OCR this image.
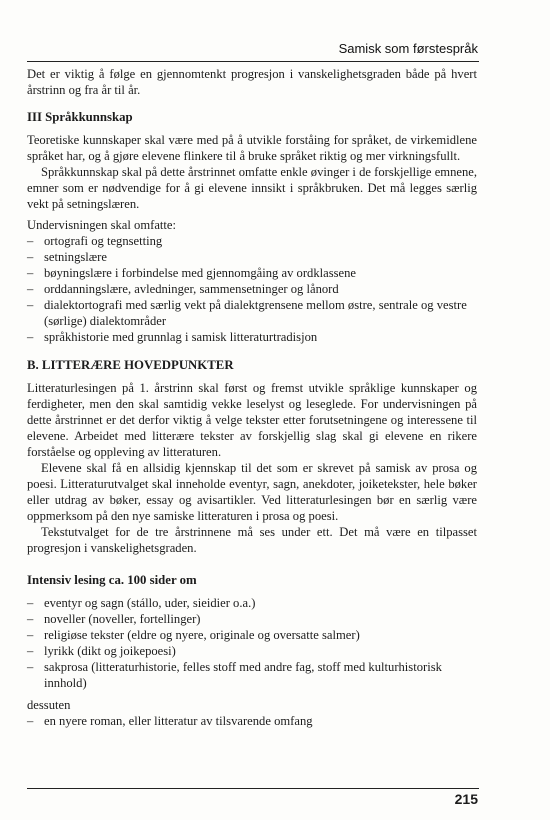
Samisk som førstespråk

Det er viktig å følge en gjennomtenkt progresjon i vanskelighetsgraden både på hvert årstrinn og fra år til år.

III Språkkunnskap

Teoretiske kunnskaper skal være med på å utvikle forståing for språket, de virkemidlene språket har, og å gjøre elevene flinkere til å bruke språket riktig og mer virkningsfullt.

Språkkunnskap skal på dette årstrinnet omfatte enkle øvinger i de forskjellige emnene, emner som er nødvendige for å gi elevene innsikt i språkbruken. Det må legges særlig vekt på setningslæren.

Undervisningen skal omfatte:

– ortografi og tegnsetting
– setningslære
– bøyningslære i forbindelse med gjennomgåing av ordklassene
– orddanningslære, avledninger, sammensetninger og lånord
– dialektortografi med særlig vekt på dialektgrensene mellom østre, sentrale og vestre (sørlige) dialektområder
– språkhistorie med grunnlag i samisk litteraturtradisjon
B. LITTERÆRE HOVEDPUNKTER

Litteraturlesingen på 1. årstrinn skal først og fremst utvikle språklige kunnskaper og ferdigheter, men den skal samtidig vekke leselyst og leseglede. For undervisningen på dette årstrinnet er det derfor viktig å velge tekster etter forutsetningene og interessene til elevene. Arbeidet med litterære tekster av forskjellig slag skal gi elevene en rikere forståelse og oppleving av litteraturen.

Elevene skal få en allsidig kjennskap til det som er skrevet på samisk av prosa og poesi. Litteraturutvalget skal inneholde eventyr, sagn, anekdoter, joiketekster, hele bøker eller utdrag av bøker, essay og avisartikler. Ved litteraturlesingen bør en særlig være oppmerksom på den nye samiske litteraturen i prosa og poesi.

Tekstutvalget for de tre årstrinnene må ses under ett. Det må være en tilpasset progresjon i vanskelighetsgraden.

Intensiv lesing ca. 100 sider om
– eventyr og sagn (stállo, uder, sieidier o.a.)
– noveller (noveller, fortellinger)
– religiøse tekster (eldre og nyere, originale og oversatte salmer)
– lyrikk (dikt og joikepoesi)
– sakprosa (litteraturhistorie, felles stoff med andre fag, stoff med kulturhistorisk innhold)

dessuten

– en nyere roman, eller litteratur av tilsvarende omfang
215
